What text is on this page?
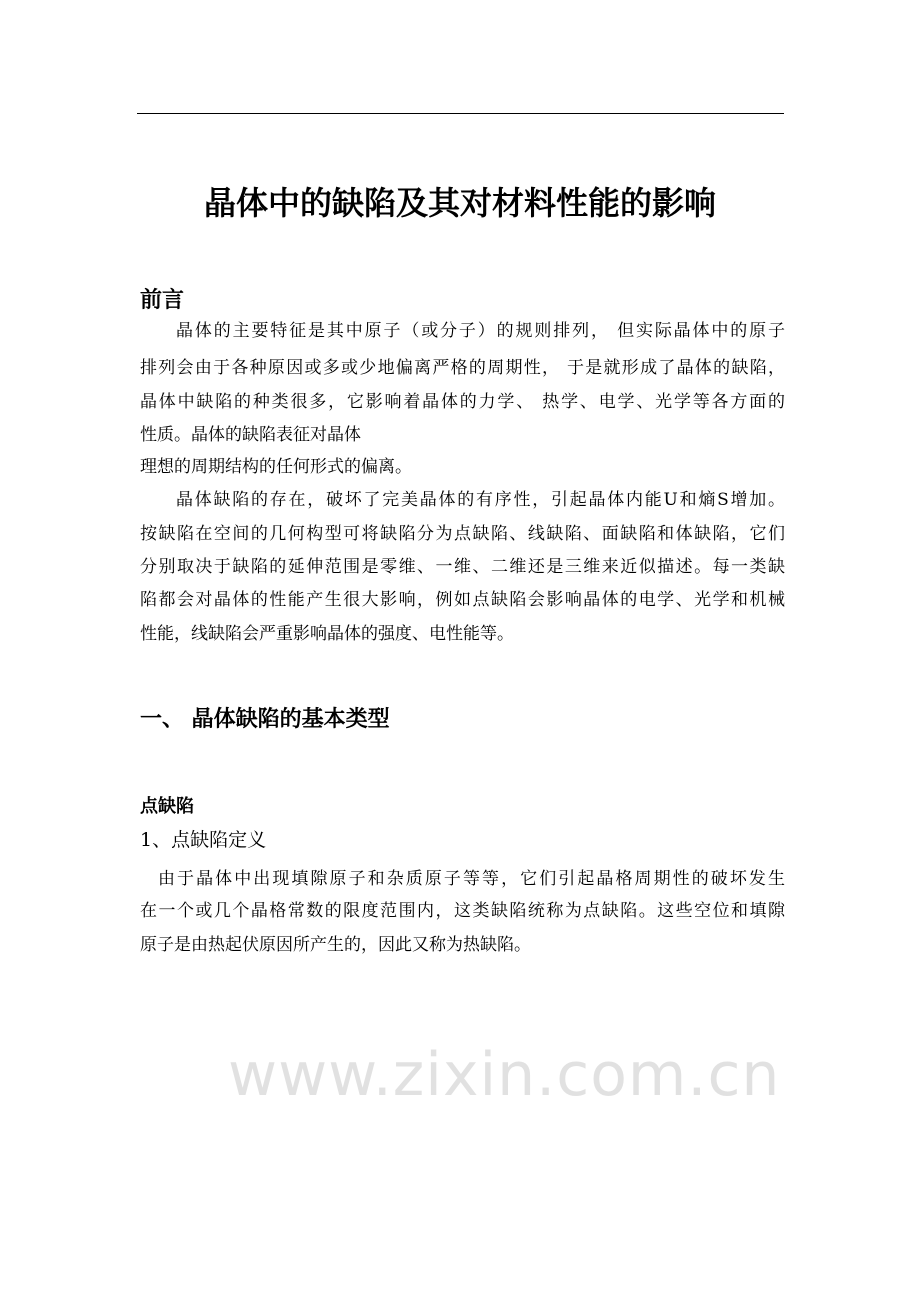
晶体中的缺陷及其对材料性能的影响
前言
晶体的主要特征是其中原子（或分子）的规则排列， 但实际晶体中的原子
排列会由于各种原因或多或少地偏离严格的周期性， 于是就形成了晶体的缺陷，
晶体中缺陷的种类很多，它影响着晶体的力学、 热学、电学、光学等各方面的
性质。晶体的缺陷表征对晶体
理想的周期结构的任何形式的偏离。
晶体缺陷的存在，破坏了完美晶体的有序性，引起晶体内能U和熵S增加。
按缺陷在空间的几何构型可将缺陷分为点缺陷、线缺陷、面缺陷和体缺陷，它们
分别取决于缺陷的延伸范围是零维、一维、二维还是三维来近似描述。每一类缺
陷都会对晶体的性能产生很大影响，例如点缺陷会影响晶体的电学、光学和机械
性能，线缺陷会严重影响晶体的强度、电性能等。
一、 晶体缺陷的基本类型
点缺陷
1、点缺陷定义
由于晶体中出现填隙原子和杂质原子等等，它们引起晶格周期性的破坏发生
在一个或几个晶格常数的限度范围内，这类缺陷统称为点缺陷。这些空位和填隙
原子是由热起伏原因所产生的，因此又称为热缺陷。
www.zixin.com.cn
